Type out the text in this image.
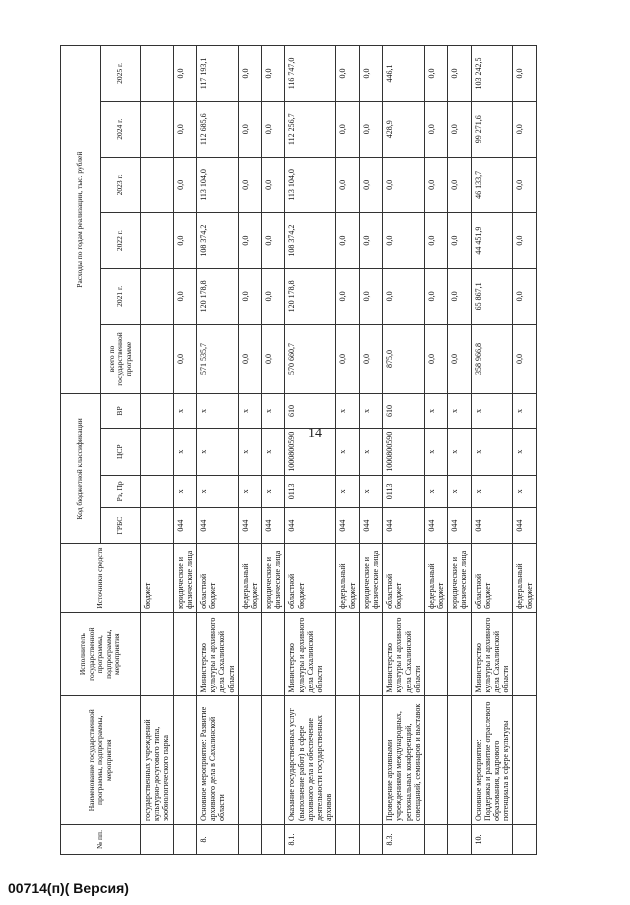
14
№ пп.	Наименование государственной программы, подпрограммы, мероприятия	Исполнитель государственной программы, подпрограммы, мероприятия	Источники средств	Код бюджетной классификации				Расходы по годам реализации, тыс. рублей					
				ГРБС	Рз, Пр	ЦСР	ВР	всего по государственной программе	2021 г.	2022 г.	2023 г.	2024 г.	2025 г.
	государственных учреждений культурно-досугового типа, зообиологического парка		бюджет										
			юридические и физические лица	044	x	x	x	0,0	0,0	0,0	0,0	0,0	0,0
8.	Основное мероприятие: Развитие архивного дела в Сахалинской области	Министерство культуры и архивного дела Сахалинской области	областной бюджет	044	x	x	x	571 535,7	120 178,8	108 374,2	113 104,0	112 685,6	117 193,1
			федеральный бюджет	044	x	x	x	0,0	0,0	0,0	0,0	0,0	0,0
			юридические и физические лица	044	x	x	x	0,0	0,0	0,0	0,0	0,0	0,0
8.1.	Оказание государственных услуг (выполнение работ) в сфере архивного дела и обеспечение деятельности государственных архивов	Министерство культуры и архивного дела Сахалинской области	областной бюджет	044	0113	1000800590	610	570 660,7	120 178,8	108 374,2	113 104,0	112 256,7	116 747,0
			федеральный бюджет	044	x	x	x	0,0	0,0	0,0	0,0	0,0	0,0
			юридические и физические лица	044	x	x	x	0,0	0,0	0,0	0,0	0,0	0,0
8.3.	Проведение архивными учреждениями международных, региональных конференций, совещаний, семинаров и выставок	Министерство культуры и архивного дела Сахалинской области	областной бюджет	044	0113	1000800590	610	875,0	0,0	0,0	0,0	428,9	446,1
			федеральный бюджет	044	x	x	x	0,0	0,0	0,0	0,0	0,0	0,0
			юридические и физические лица	044	x	x	x	0,0	0,0	0,0	0,0	0,0	0,0
10.	Основное мероприятие: Поддержка и развитие отраслевого образования, кадрового потенциала в сфере культуры	Министерство культуры и архивного дела Сахалинской области	областной бюджет	044	x	x	x	358 966,8	65 867,1	44 451,9	46 133,7	99 271,6	103 242,5
			федеральный бюджет	044	x	x	x	0,0	0,0	0,0	0,0	0,0	0,0
00714(п)( Версия)
